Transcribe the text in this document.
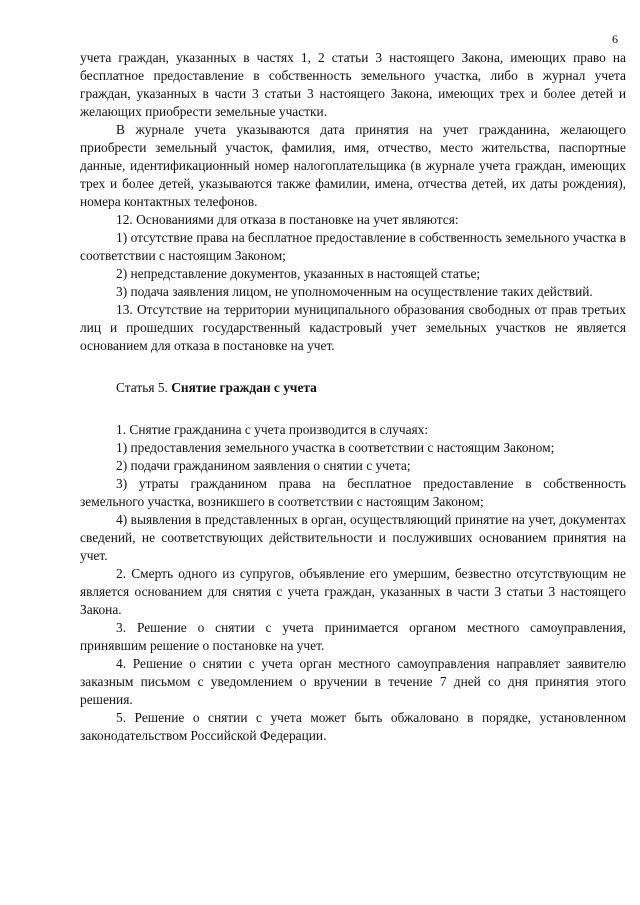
6

учета граждан, указанных в частях 1, 2 статьи 3 настоящего Закона, имеющих право на бесплатное предоставление в собственность земельного участка, либо в журнал учета граждан, указанных в части 3 статьи 3 настоящего Закона, имеющих трех и более детей и желающих приобрести земельные участки.

В журнале учета указываются дата принятия на учет гражданина, желающего приобрести земельный участок, фамилия, имя, отчество, место жительства, паспортные данные, идентификационный номер налогоплательщика (в журнале учета граждан, имеющих трех и более детей, указываются также фамилии, имена, отчества детей, их даты рождения), номера контактных телефонов.

12. Основаниями для отказа в постановке на учет являются:

1) отсутствие права на бесплатное предоставление в собственность земельного участка в соответствии с настоящим Законом;

2) непредставление документов, указанных в настоящей статье;

3) подача заявления лицом, не уполномоченным на осуществление таких действий.

13. Отсутствие на территории муниципального образования свободных от прав третьих лиц и прошедших государственный кадастровый учет земельных участков не является основанием для отказа в постановке на учет.

Статья 5. Снятие граждан с учета

1. Снятие гражданина с учета производится в случаях:

1) предоставления земельного участка в соответствии с настоящим Законом;

2) подачи гражданином заявления о снятии с учета;

3) утраты гражданином права на бесплатное предоставление в собственность земельного участка, возникшего в соответствии с настоящим Законом;

4) выявления в представленных в орган, осуществляющий принятие на учет, документах сведений, не соответствующих действительности и послуживших основанием принятия на учет.

2. Смерть одного из супругов, объявление его умершим, безвестно отсутствующим не является основанием для снятия с учета граждан, указанных в части 3 статьи 3 настоящего Закона.

3. Решение о снятии с учета принимается органом местного самоуправления, принявшим решение о постановке на учет.

4. Решение о снятии с учета орган местного самоуправления направляет заявителю заказным письмом с уведомлением о вручении в течение 7 дней со дня принятия этого решения.

5. Решение о снятии с учета может быть обжаловано в порядке, установленном законодательством Российской Федерации.
